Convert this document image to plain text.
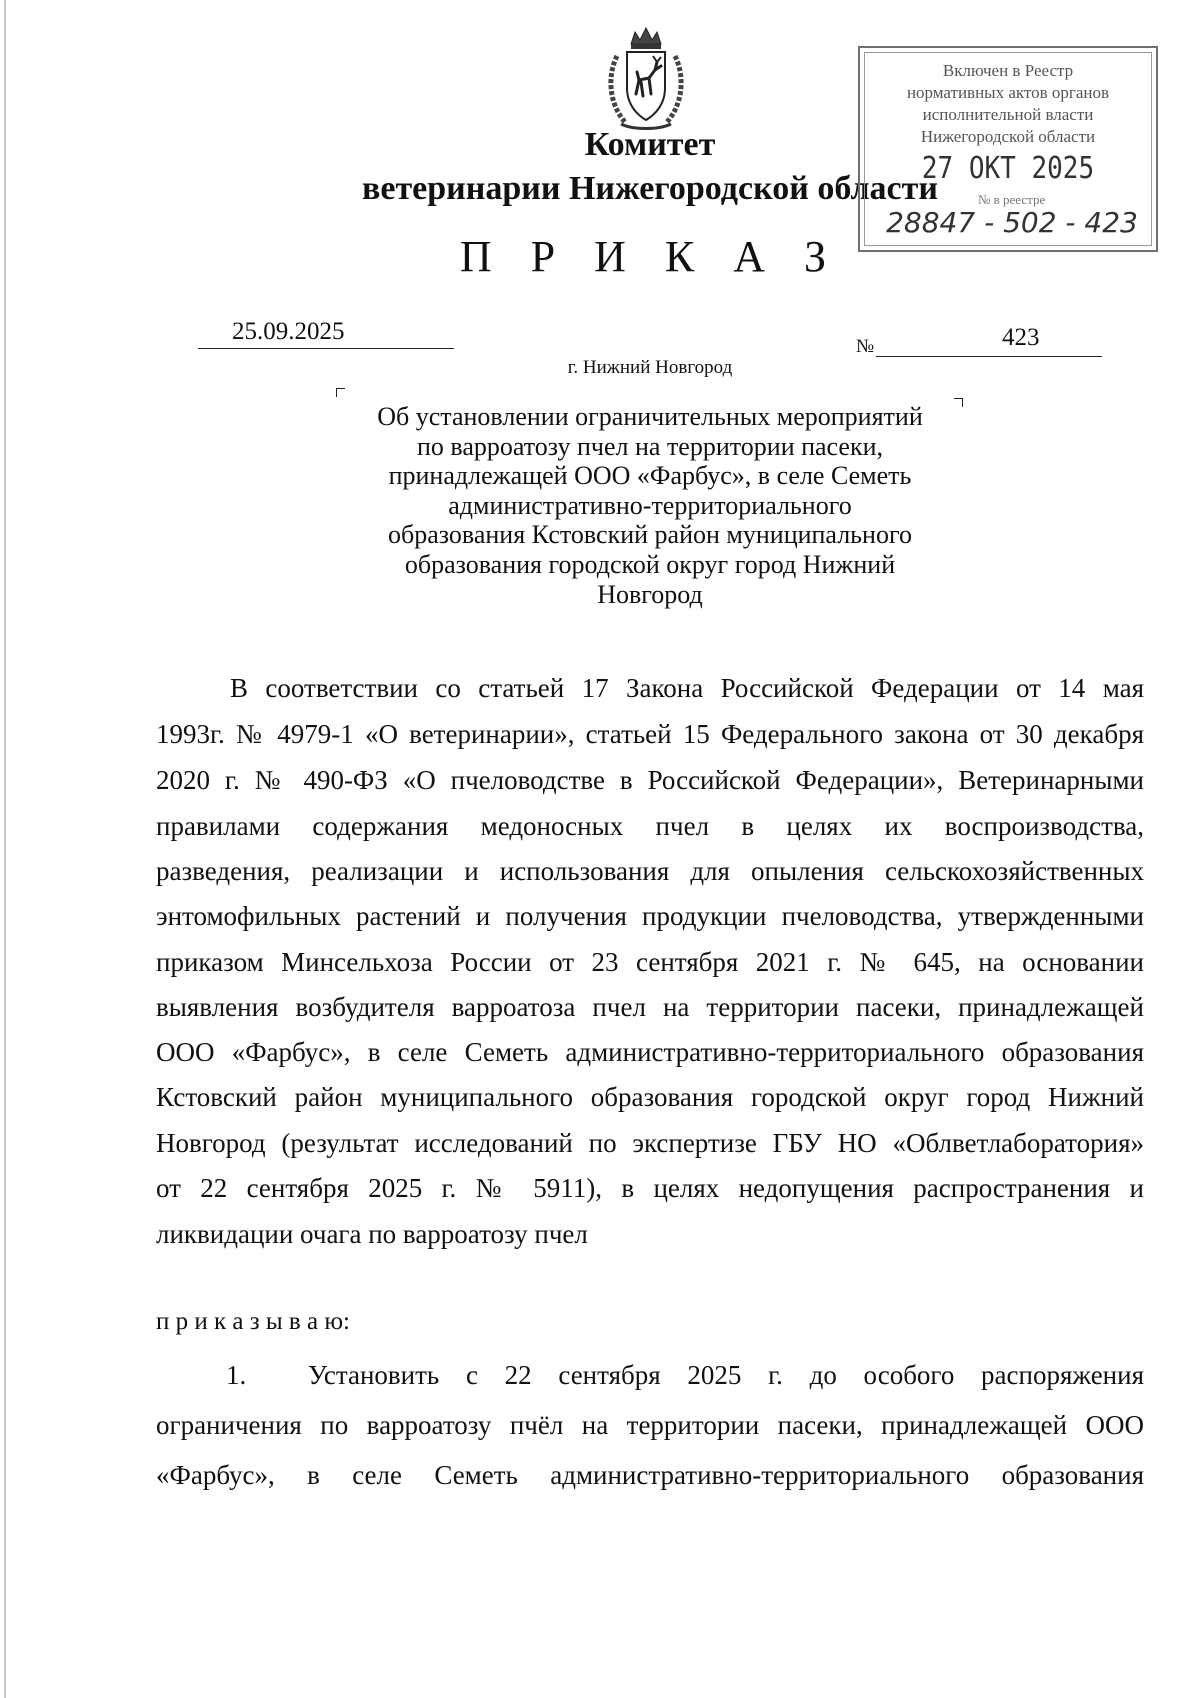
Комитет
ветеринарии Нижегородской области
П Р И К А З
Включен в Реестр
нормативных актов органов
исполнительной власти
Нижегородской области
27 ОКТ 2025
№ в реестре
28847 - 502 - 423
25.09.2025
№	423
г. Нижний Новгород
Об установлении ограничительных мероприятий
по варроатозу пчел на территории пасеки,
принадлежащей ООО «Фарбус», в селе Семеть
административно-территориального
образования Кстовский район муниципального
образования городской округ город Нижний
Новгород
В соответствии со статьей 17 Закона Российской Федерации от 14 мая
1993г. № 4979-1 «О ветеринарии», статьей 15 Федерального закона от 30 декабря
2020 г. № 490-ФЗ «О пчеловодстве в Российской Федерации», Ветеринарными
правилами содержания медоносных пчел в целях их воспроизводства,
разведения, реализации и использования для опыления сельскохозяйственных
энтомофильных растений и получения продукции пчеловодства, утвержденными
приказом Минсельхоза России от 23 сентября 2021 г. № 645, на основании
выявления возбудителя варроатоза пчел на территории пасеки, принадлежащей
ООО «Фарбус», в селе Семеть административно-территориального образования
Кстовский район муниципального образования городской округ город Нижний
Новгород (результат исследований по экспертизе ГБУ НО «Облветлаборатория»
от 22 сентября 2025 г. № 5911), в целях недопущения распространения и
ликвидации очага по варроатозу пчел
п р и к а з ы в а ю:
1. Установить с 22 сентября 2025 г. до особого распоряжения
ограничения по варроатозу пчёл на территории пасеки, принадлежащей ООО
«Фарбус», в селе Семеть административно-территориального образования
